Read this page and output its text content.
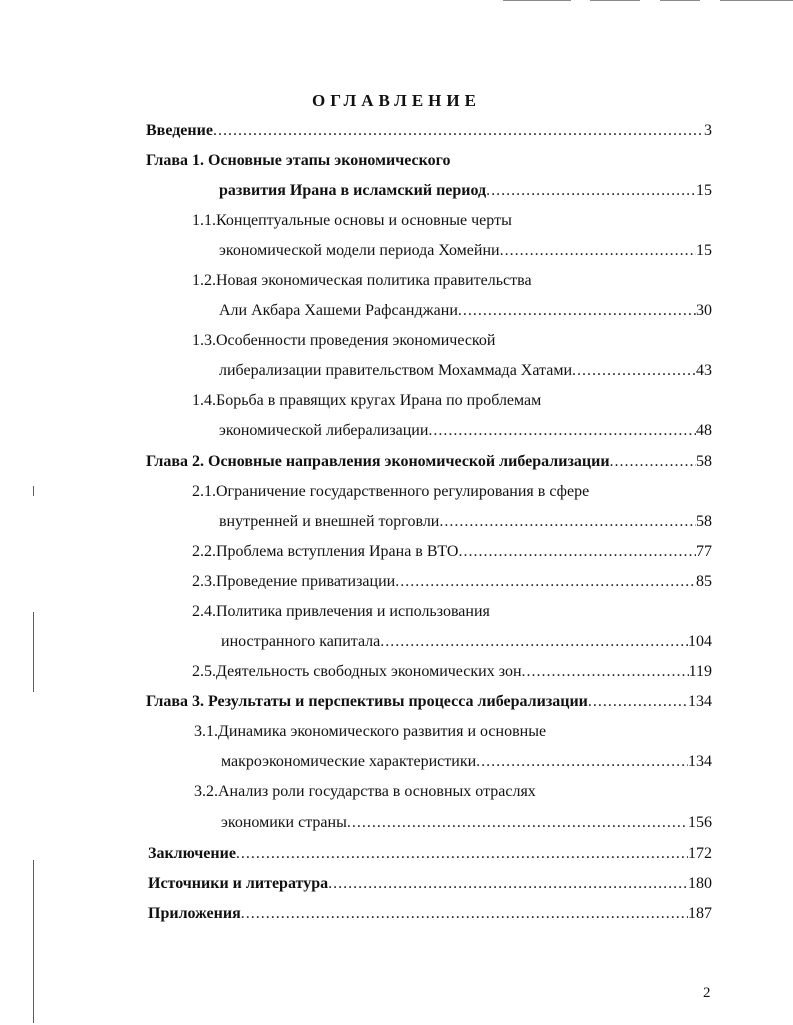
ОГЛАВЛЕНИЕ
Введение .....	3
Глава 1. Основные этапы экономического
развития Ирана в исламский период .....	15
1.1.Концептуальные основы и основные черты
экономической модели периода Хомейни .....	15
1.2.Новая экономическая политика правительства
Али Акбара Хашеми Рафсанджани .....	30
1.3.Особенности проведения экономической
либерализации правительством Мохаммада Хатами .....	43
1.4.Борьба в правящих кругах Ирана по проблемам
экономической либерализации .....	48
Глава 2. Основные направления экономической либерализации .....	58
2.1.Ограничение государственного регулирования в сфере
внутренней и внешней торговли .....	58
2.2.Проблема вступления Ирана в ВТО .....	77
2.3.Проведение приватизации .....	85
2.4.Политика привлечения и использования
иностранного капитала .....	104
2.5.Деятельность свободных экономических зон .....	119
Глава 3. Результаты и перспективы процесса либерализации .....	134
3.1.Динамика экономического развития и основные
макроэкономические характеристики .....	134
3.2.Анализ роли государства в основных отраслях
экономики страны .....	156
Заключение .....	172
Источники и литература .....	180
Приложения .....	187
2
